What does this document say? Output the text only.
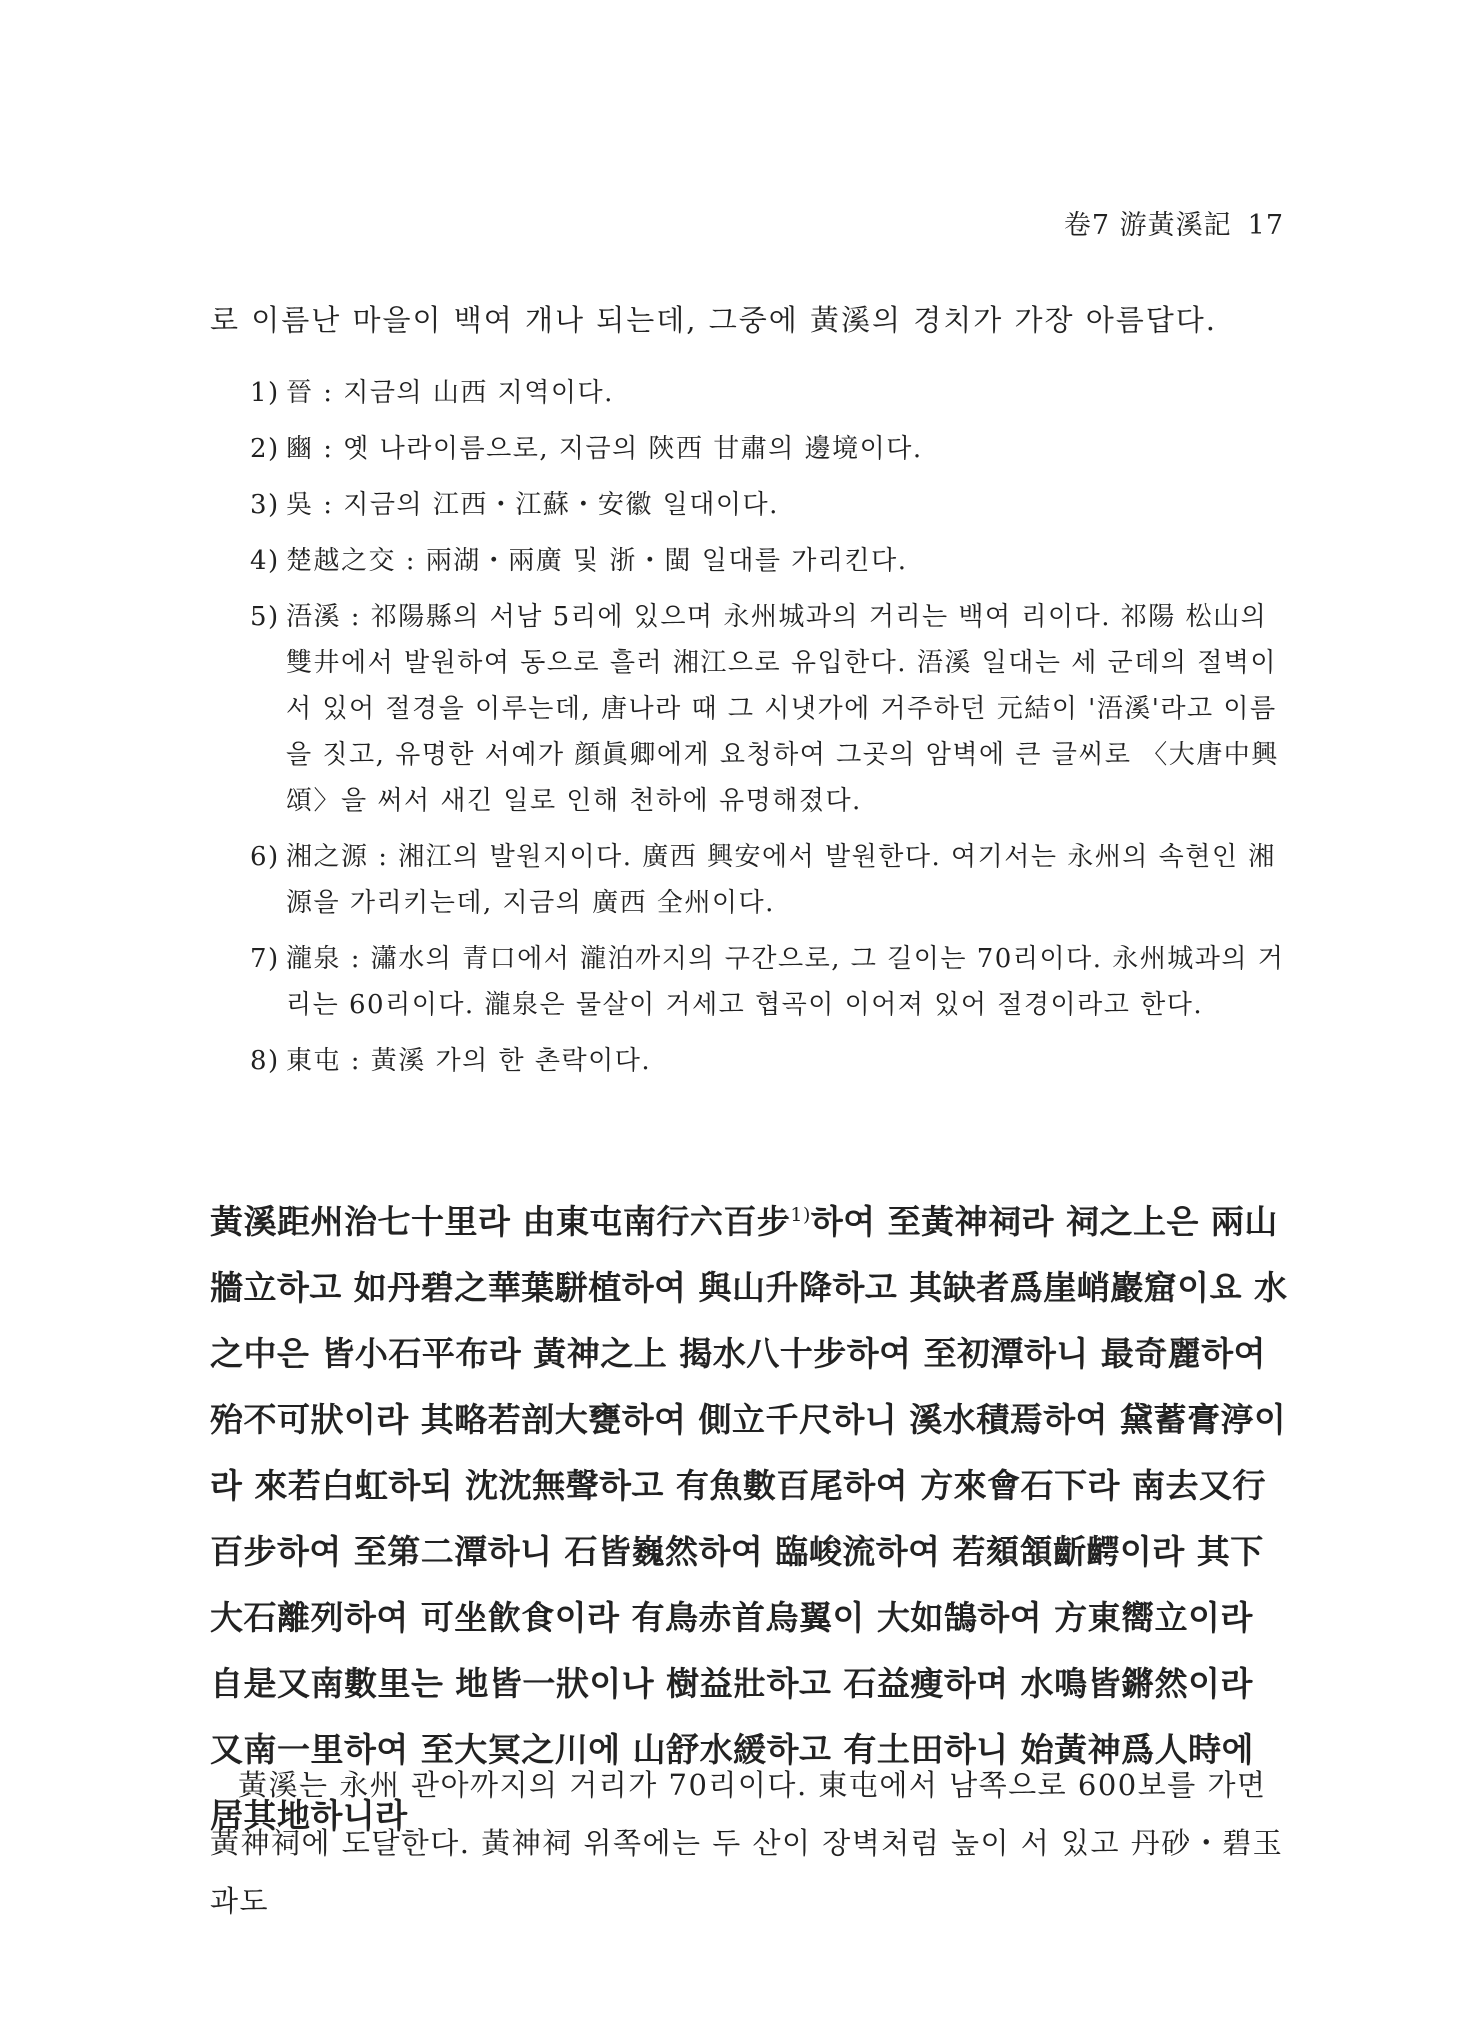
卷7 游黃溪記 17
로 이름난 마을이 백여 개나 되는데, 그중에 黃溪의 경치가 가장 아름답다.
1) 晉 : 지금의 山西 지역이다.
2) 豳 : 옛 나라이름으로, 지금의 陝西 甘肅의 邊境이다.
3) 吳 : 지금의 江西・江蘇・安徽 일대이다.
4) 楚越之交 : 兩湖・兩廣 및 浙・閩 일대를 가리킨다.
5) 浯溪 : 祁陽縣의 서남 5리에 있으며 永州城과의 거리는 백여 리이다. 祁陽 松山의 雙井에서 발원하여 동으로 흘러 湘江으로 유입한다. 浯溪 일대는 세 군데의 절벽이 서 있어 절경을 이루는데, 唐나라 때 그 시냇가에 거주하던 元結이 '浯溪'라고 이름을 짓고, 유명한 서예가 顔眞卿에게 요청하여 그곳의 암벽에 큰 글씨로 〈大唐中興頌〉을 써서 새긴 일로 인해 천하에 유명해졌다.
6) 湘之源 : 湘江의 발원지이다. 廣西 興安에서 발원한다. 여기서는 永州의 속현인 湘源을 가리키는데, 지금의 廣西 全州이다.
7) 瀧泉 : 瀟水의 青口에서 瀧泊까지의 구간으로, 그 길이는 70리이다. 永州城과의 거리는 60리이다. 瀧泉은 물살이 거세고 협곡이 이어져 있어 절경이라고 한다.
8) 東屯 : 黃溪 가의 한 촌락이다.

黃溪距州治七十里라 由東屯南行六百步$^{1)}$하여 至黃神祠라 祠之上은 兩山牆立하고 如丹碧之華葉駢植하여 與山升降하고 其缺者爲崖峭巖窟이요 水之中은 皆小石平布라 黃神之上 揭水八十步하여 至初潭하니 最奇麗하여 殆不可狀이라 其略若剖大甕하여 側立千尺하니 溪水積焉하여 黛蓄膏渟이라 來若白虹하되 沈沈無聲하고 有魚數百尾하여 方來會石下라 南去又行百步하여 至第二潭하니 石皆巍然하여 臨峻流하여 若頦頷齗齶이라 其下大石離列하여 可坐飮食이라 有鳥赤首烏翼이 大如鵠하여 方東嚮立이라 自是又南數里는 地皆一狀이나 樹益壯하고 石益瘦하며 水鳴皆鏘然이라 又南一里하여 至大冥之川에 山舒水緩하고 有土田하니 始黃神爲人時에 居其地하니라

黃溪는 永州 관아까지의 거리가 70리이다. 東屯에서 남쪽으로 600보를 가면 黃神祠에 도달한다. 黃神祠 위쪽에는 두 산이 장벽처럼 높이 서 있고 丹砂・碧玉과도
